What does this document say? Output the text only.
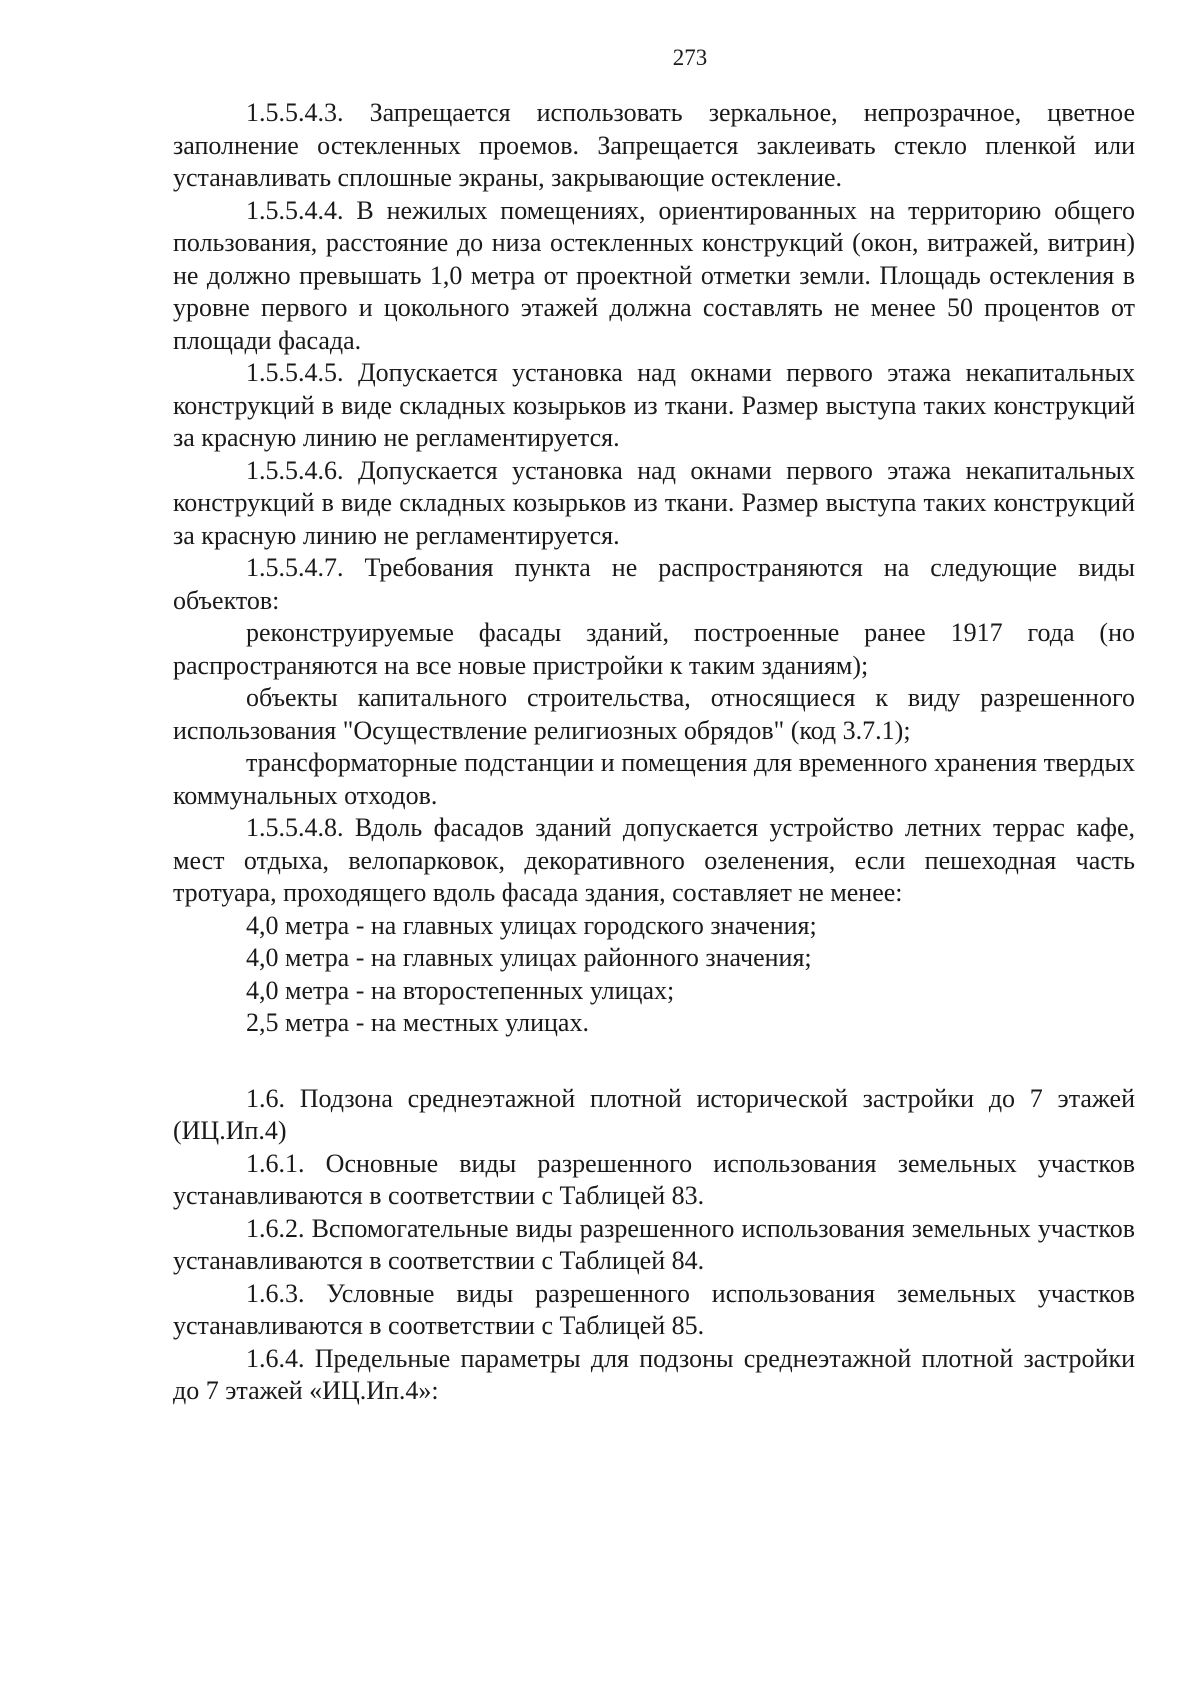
273

1.5.5.4.3. Запрещается использовать зеркальное, непрозрачное, цветное заполнение остекленных проемов. Запрещается заклеивать стекло пленкой или устанавливать сплошные экраны, закрывающие остекление.

1.5.5.4.4. В нежилых помещениях, ориентированных на территорию общего пользования, расстояние до низа остекленных конструкций (окон, витражей, витрин) не должно превышать 1,0 метра от проектной отметки земли. Площадь остекления в уровне первого и цокольного этажей должна составлять не менее 50 процентов от площади фасада.

1.5.5.4.5. Допускается установка над окнами первого этажа некапитальных конструкций в виде складных козырьков из ткани. Размер выступа таких конструкций за красную линию не регламентируется.

1.5.5.4.6. Допускается установка над окнами первого этажа некапитальных конструкций в виде складных козырьков из ткани. Размер выступа таких конструкций за красную линию не регламентируется.

1.5.5.4.7. Требования пункта не распространяются на следующие виды объектов:

реконструируемые фасады зданий, построенные ранее 1917 года (но распространяются на все новые пристройки к таким зданиям);

объекты капитального строительства, относящиеся к виду разрешенного использования "Осуществление религиозных обрядов" (код 3.7.1);

трансформаторные подстанции и помещения для временного хранения твердых коммунальных отходов.

1.5.5.4.8. Вдоль фасадов зданий допускается устройство летних террас кафе, мест отдыха, велопарковок, декоративного озеленения, если пешеходная часть тротуара, проходящего вдоль фасада здания, составляет не менее:

4,0 метра - на главных улицах городского значения;

4,0 метра - на главных улицах районного значения;

4,0 метра - на второстепенных улицах;

2,5 метра - на местных улицах.

1.6. Подзона среднеэтажной плотной исторической застройки до 7 этажей (ИЦ.Ип.4)

1.6.1. Основные виды разрешенного использования земельных участков устанавливаются в соответствии с Таблицей 83.

1.6.2. Вспомогательные виды разрешенного использования земельных участков устанавливаются в соответствии с Таблицей 84.

1.6.3. Условные виды разрешенного использования земельных участков устанавливаются в соответствии с Таблицей 85.

1.6.4. Предельные параметры для подзоны среднеэтажной плотной застройки до 7 этажей «ИЦ.Ип.4»:
